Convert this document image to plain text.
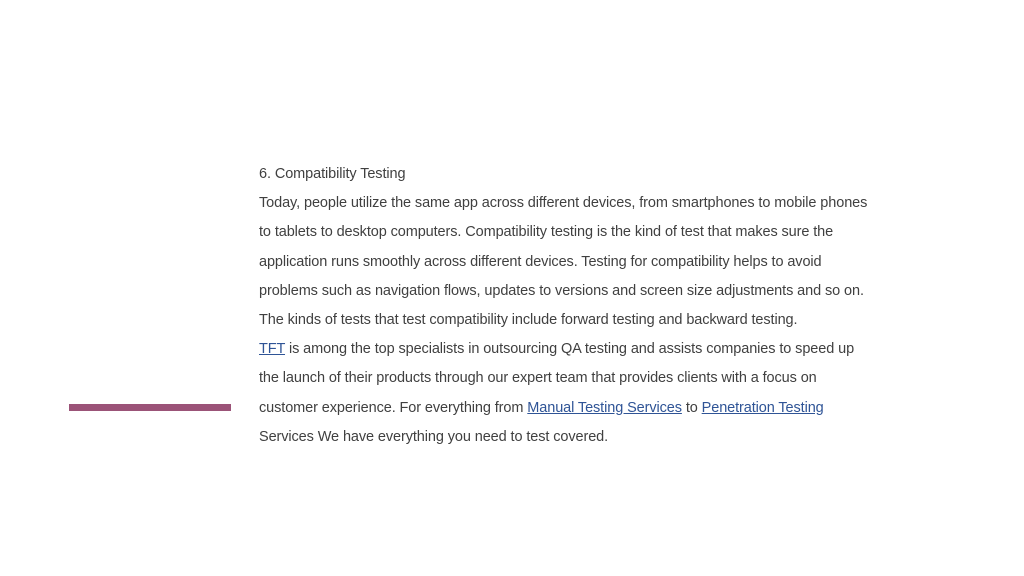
6. Compatibility Testing
Today, people utilize the same app across different devices, from smartphones to mobile phones
to tablets to desktop computers. Compatibility testing is the kind of test that makes sure the
application runs smoothly across different devices. Testing for compatibility helps to avoid
problems such as navigation flows, updates to versions and screen size adjustments and so on.
The kinds of tests that test compatibility include forward testing and backward testing.
TFT is among the top specialists in outsourcing QA testing and assists companies to speed up
the launch of their products through our expert team that provides clients with a focus on
customer experience. For everything from Manual Testing Services to Penetration Testing
Services We have everything you need to test covered.
